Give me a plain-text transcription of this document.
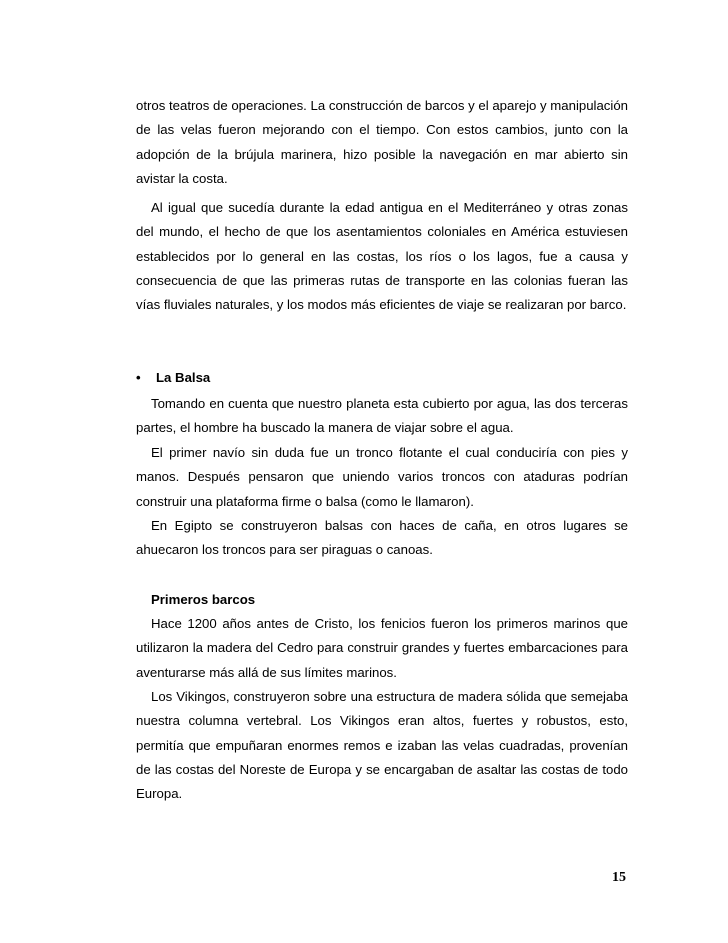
otros teatros de operaciones. La construcción de barcos y el aparejo y manipulación de las velas fueron mejorando con el tiempo. Con estos cambios, junto con la adopción de la brújula marinera, hizo posible la navegación en mar abierto sin avistar la costa.

Al igual que sucedía durante la edad antigua en el Mediterráneo y otras zonas del mundo, el hecho de que los asentamientos coloniales en América estuviesen establecidos por lo general en las costas, los ríos o los lagos, fue a causa y consecuencia de que las primeras rutas de transporte en las colonias fueran las vías fluviales naturales, y los modos más eficientes de viaje se realizaran por barco.

• La Balsa

Tomando en cuenta que nuestro planeta esta cubierto por agua, las dos terceras partes, el hombre ha buscado la manera de viajar sobre el agua.

El primer navío sin duda fue un tronco flotante el cual conduciría con pies y manos. Después pensaron que uniendo varios troncos con ataduras podrían construir una plataforma firme o balsa (como le llamaron).

En Egipto se construyeron balsas con haces de caña, en otros lugares se ahuecaron los troncos para ser piraguas o canoas.

Primeros barcos

Hace 1200 años antes de Cristo, los fenicios fueron los primeros marinos que utilizaron la madera del Cedro para construir grandes y fuertes embarcaciones para aventurarse más allá de sus límites marinos.

Los Vikingos, construyeron sobre una estructura de madera sólida que semejaba nuestra columna vertebral. Los Vikingos eran altos, fuertes y robustos, esto, permitía que empuñaran enormes remos e izaban las velas cuadradas, provenían de las costas del Noreste de Europa y se encargaban de asaltar las costas de todo Europa.

15
